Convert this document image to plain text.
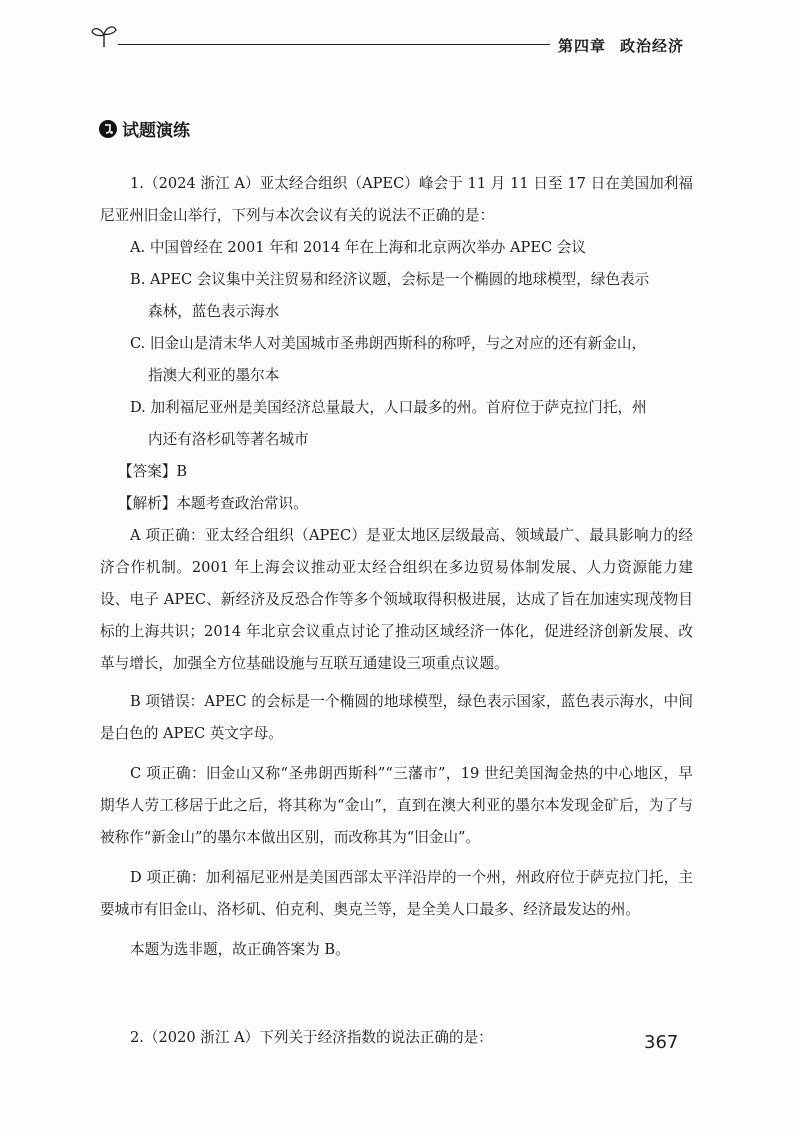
第四章 政治经济
试题演练

1.（2024 浙江 A）亚太经合组织（APEC）峰会于 11 月 11 日至 17 日在美国加利福尼亚州旧金山举行，下列与本次会议有关的说法不正确的是：

A. 中国曾经在 2001 年和 2014 年在上海和北京两次举办 APEC 会议

B. APEC 会议集中关注贸易和经济议题，会标是一个椭圆的地球模型，绿色表示

森林，蓝色表示海水

C. 旧金山是清末华人对美国城市圣弗朗西斯科的称呼，与之对应的还有新金山，

指澳大利亚的墨尔本

D. 加利福尼亚州是美国经济总量最大，人口最多的州。首府位于萨克拉门托，州

内还有洛杉矶等著名城市

【答案】B

【解析】本题考查政治常识。

A 项正确：亚太经合组织（APEC）是亚太地区层级最高、领域最广、最具影响力的经济合作机制。2001 年上海会议推动亚太经合组织在多边贸易体制发展、人力资源能力建设、电子 APEC、新经济及反恐合作等多个领域取得积极进展，达成了旨在加速实现茂物目标的上海共识；2014 年北京会议重点讨论了推动区域经济一体化，促进经济创新发展、改革与增长，加强全方位基础设施与互联互通建设三项重点议题。

B 项错误：APEC 的会标是一个椭圆的地球模型，绿色表示国家，蓝色表示海水，中间是白色的 APEC 英文字母。

C 项正确：旧金山又称“圣弗朗西斯科”“三藩市”，19 世纪美国淘金热的中心地区，早期华人劳工移居于此之后，将其称为“金山”，直到在澳大利亚的墨尔本发现金矿后，为了与被称作“新金山”的墨尔本做出区别，而改称其为“旧金山”。

D 项正确：加利福尼亚州是美国西部太平洋沿岸的一个州，州政府位于萨克拉门托，主要城市有旧金山、洛杉矶、伯克利、奥克兰等，是全美人口最多、经济最发达的州。

本题为选非题，故正确答案为 B。

2.（2020 浙江 A）下列关于经济指数的说法正确的是：	367
